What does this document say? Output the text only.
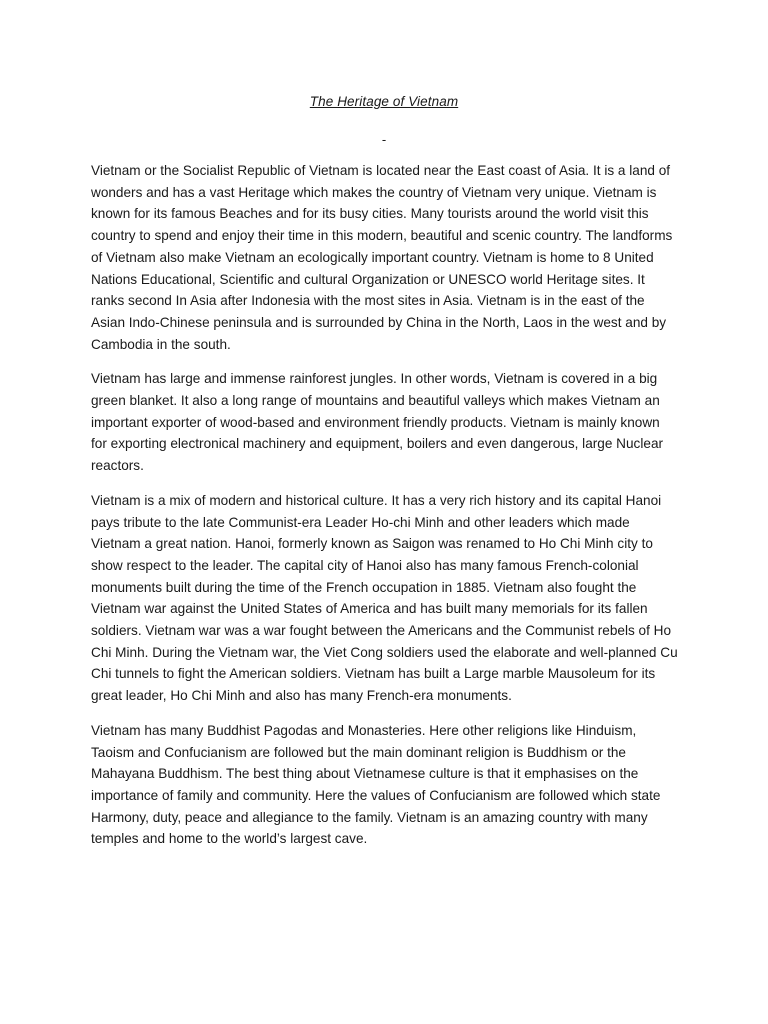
The Heritage of Vietnam
-

Vietnam or the Socialist Republic of Vietnam is located near the East coast of Asia. It is a land of wonders and has a vast Heritage which makes the country of Vietnam very unique. Vietnam is known for its famous Beaches and for its busy cities. Many tourists around the world visit this country to spend and enjoy their time in this modern, beautiful and scenic country. The landforms of Vietnam also make Vietnam an ecologically important country. Vietnam is home to 8 United Nations Educational, Scientific and cultural Organization or UNESCO world Heritage sites. It ranks second In Asia after Indonesia with the most sites in Asia. Vietnam is in the east of the Asian Indo-Chinese peninsula and is surrounded by China in the North, Laos in the west and by Cambodia in the south.

Vietnam has large and immense rainforest jungles. In other words, Vietnam is covered in a big green blanket. It also a long range of mountains and beautiful valleys which makes Vietnam an important exporter of wood-based and environment friendly products. Vietnam is mainly known for exporting electronical machinery and equipment, boilers and even dangerous, large Nuclear reactors.

Vietnam is a mix of modern and historical culture. It has a very rich history and its capital Hanoi pays tribute to the late Communist-era Leader Ho-chi Minh and other leaders which made Vietnam a great nation. Hanoi, formerly known as Saigon was renamed to Ho Chi Minh city to show respect to the leader. The capital city of Hanoi also has many famous French-colonial monuments built during the time of the French occupation in 1885. Vietnam also fought the Vietnam war against the United States of America and has built many memorials for its fallen soldiers. Vietnam war was a war fought between the Americans and the Communist rebels of Ho Chi Minh. During the Vietnam war, the Viet Cong soldiers used the elaborate and well-planned Cu Chi tunnels to fight the American soldiers. Vietnam has built a Large marble Mausoleum for its great leader, Ho Chi Minh and also has many French-era monuments.

Vietnam has many Buddhist Pagodas and Monasteries. Here other religions like Hinduism, Taoism and Confucianism are followed but the main dominant religion is Buddhism or the Mahayana Buddhism. The best thing about Vietnamese culture is that it emphasises on the importance of family and community. Here the values of Confucianism are followed which state Harmony, duty, peace and allegiance to the family. Vietnam is an amazing country with many temples and home to the world’s largest cave.
